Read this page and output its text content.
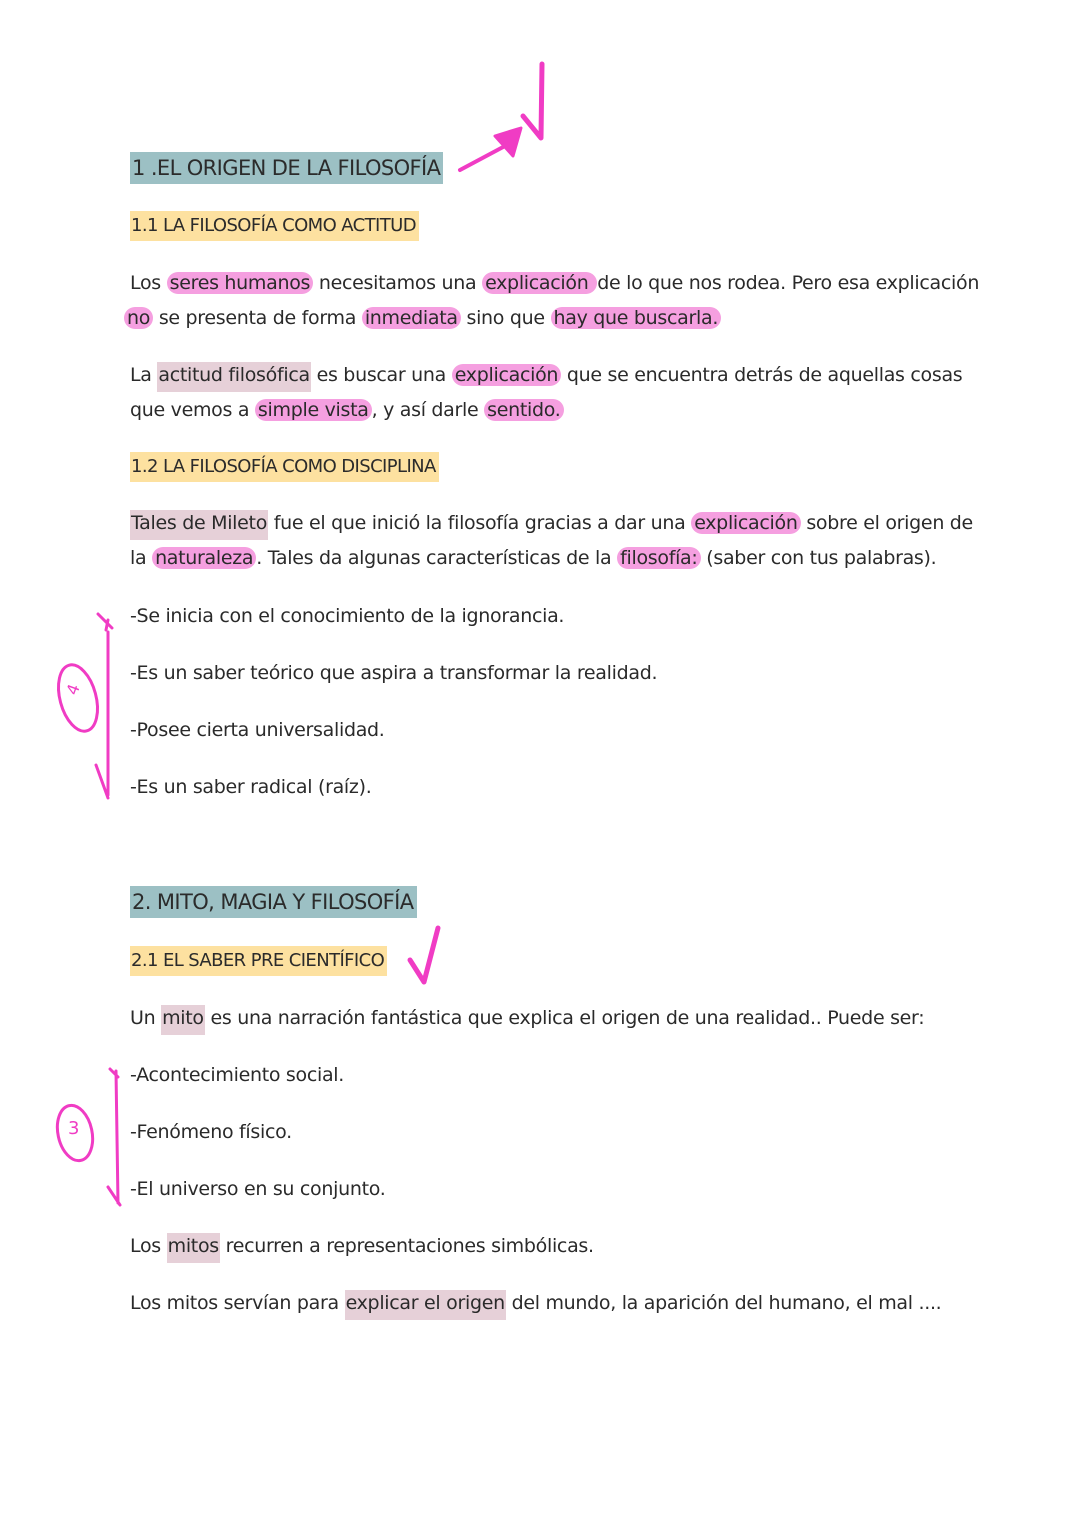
4
3
1 .EL ORIGEN DE LA FILOSOFÍA
1.1 LA FILOSOFÍA COMO ACTITUD
Los seres humanos necesitamos una explicación de lo que nos rodea. Pero esa explicación
no se presenta de forma inmediata sino que hay que buscarla.
La actitud filosófica es buscar una explicación que se encuentra detrás de aquellas cosas
que vemos a simple vista , y así darle sentido.
1.2 LA FILOSOFÍA COMO DISCIPLINA
Tales de Mileto fue el que inició la filosofía gracias a dar una explicación sobre el origen de
la naturaleza . Tales da algunas características de la filosofía: (saber con tus palabras).
-Se inicia con el conocimiento de la ignorancia.
-Es un saber teórico que aspira a transformar la realidad.
-Posee cierta universalidad.
-Es un saber radical (raíz).
2. MITO, MAGIA Y FILOSOFÍA
2.1 EL SABER PRE CIENTÍFICO
Un mito es una narración fantástica que explica el origen de una realidad.. Puede ser:
-Acontecimiento social.
-Fenómeno físico.
-El universo en su conjunto.
Los mitos recurren a representaciones simbólicas.
Los mitos servían para explicar el origen del mundo, la aparición del humano, el mal ....
